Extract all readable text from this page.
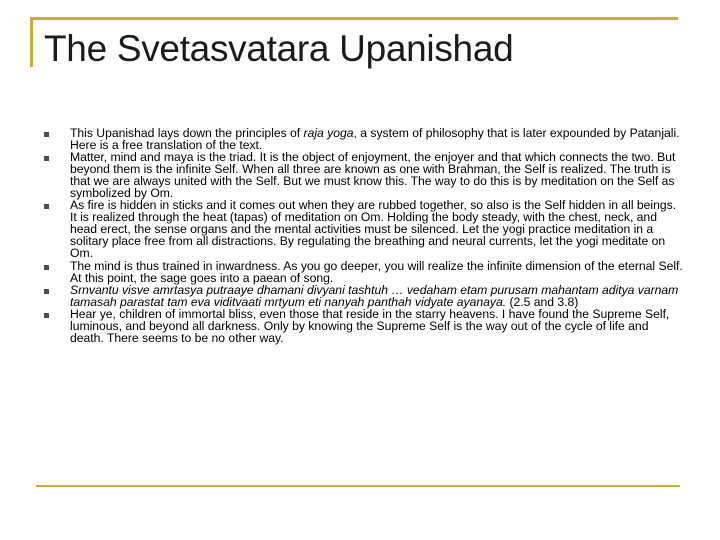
The Svetasvatara Upanishad
This Upanishad lays down the principles of raja yoga, a system of philosophy that is later expounded by Patanjali. Here is a free translation of the text.
Matter, mind and maya is the triad. It is the object of enjoyment, the enjoyer and that which connects the two. But beyond them is the infinite Self. When all three are known as one with Brahman, the Self is realized. The truth is that we are always united with the Self. But we must know this. The way to do this is by meditation on the Self as symbolized by Om.
As fire is hidden in sticks and it comes out when they are rubbed together, so also is the Self hidden in all beings. It is realized through the heat (tapas) of meditation on Om. Holding the body steady, with the chest, neck, and head erect, the sense organs and the mental activities must be silenced. Let the yogi practice meditation in a solitary place free from all distractions. By regulating the breathing and neural currents, let the yogi meditate on Om.
The mind is thus trained in inwardness. As you go deeper, you will realize the infinite dimension of the eternal Self. At this point, the sage goes into a paean of song.
Srnvantu visve amrtasya putraaye dhamani divyani tashtuh … vedaham etam purusam mahantam aditya varnam tamasah parastat tam eva viditvaati mrtyum eti nanyah panthah vidyate ayanaya. (2.5 and 3.8)
Hear ye, children of immortal bliss, even those that reside in the starry heavens. I have found the Supreme Self, luminous, and beyond all darkness. Only by knowing the Supreme Self is the way out of the cycle of life and death. There seems to be no other way.
